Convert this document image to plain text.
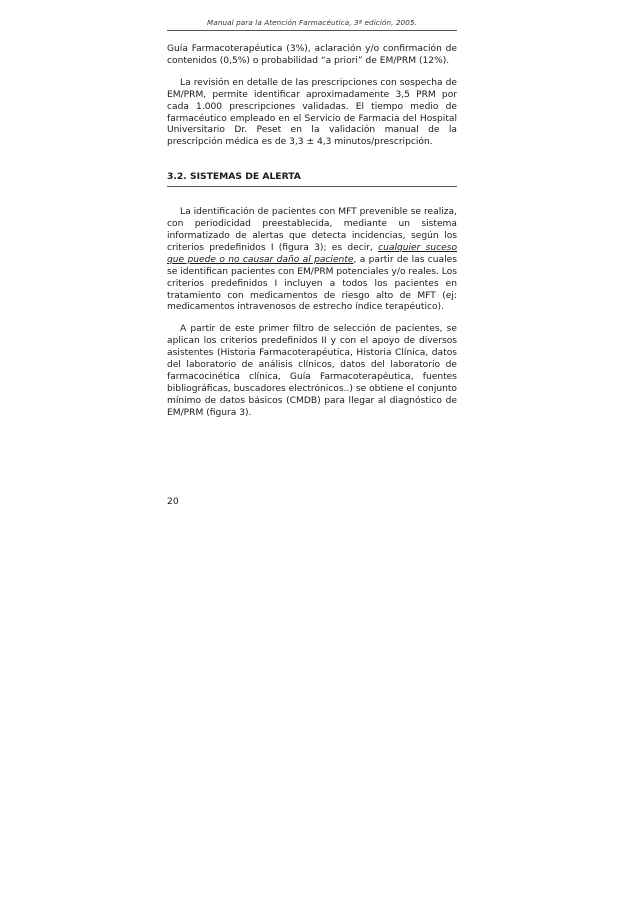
Manual para la Atención Farmacéutica, 3ª edición, 2005.

Guía Farmacoterapéutica (3%), aclaración y/o confirmación de contenidos (0,5%) o probabilidad “a priori” de EM/PRM (12%).

La revisión en detalle de las prescripciones con sospecha de EM/PRM, permite identificar aproximadamente 3,5 PRM por cada 1.000 prescripciones validadas. El tiempo medio de farmacéutico empleado en el Servicio de Farmacia del Hospital Universitario Dr. Peset en la validación manual de la prescripción médica es de 3,3 ± 4,3 minutos/prescripción.

3.2. SISTEMAS DE ALERTA

La identificación de pacientes con MFT prevenible se realiza, con periodicidad preestablecida, mediante un sistema informatizado de alertas que detecta incidencias, según los criterios predefinidos I (figura 3); es decir, cualquier suceso que puede o no causar daño al paciente, a partir de las cuales se identifican pacientes con EM/PRM potenciales y/o reales. Los criterios predefinidos I incluyen a todos los pacientes en tratamiento con medicamentos de riesgo alto de MFT (ej: medicamentos intravenosos de estrecho índice terapéutico).

A partir de este primer filtro de selección de pacientes, se aplican los criterios predefinidos II y con el apoyo de diversos asistentes (Historia Farmacoterapéutica, Historia Clínica, datos del laboratorio de análisis clínicos, datos del laboratorio de farmacocinética clínica, Guía Farmacoterapéutica, fuentes bibliográficas, buscadores electrónicos..) se obtiene el conjunto mínimo de datos básicos (CMDB) para llegar al diagnóstico de EM/PRM (figura 3).

20
